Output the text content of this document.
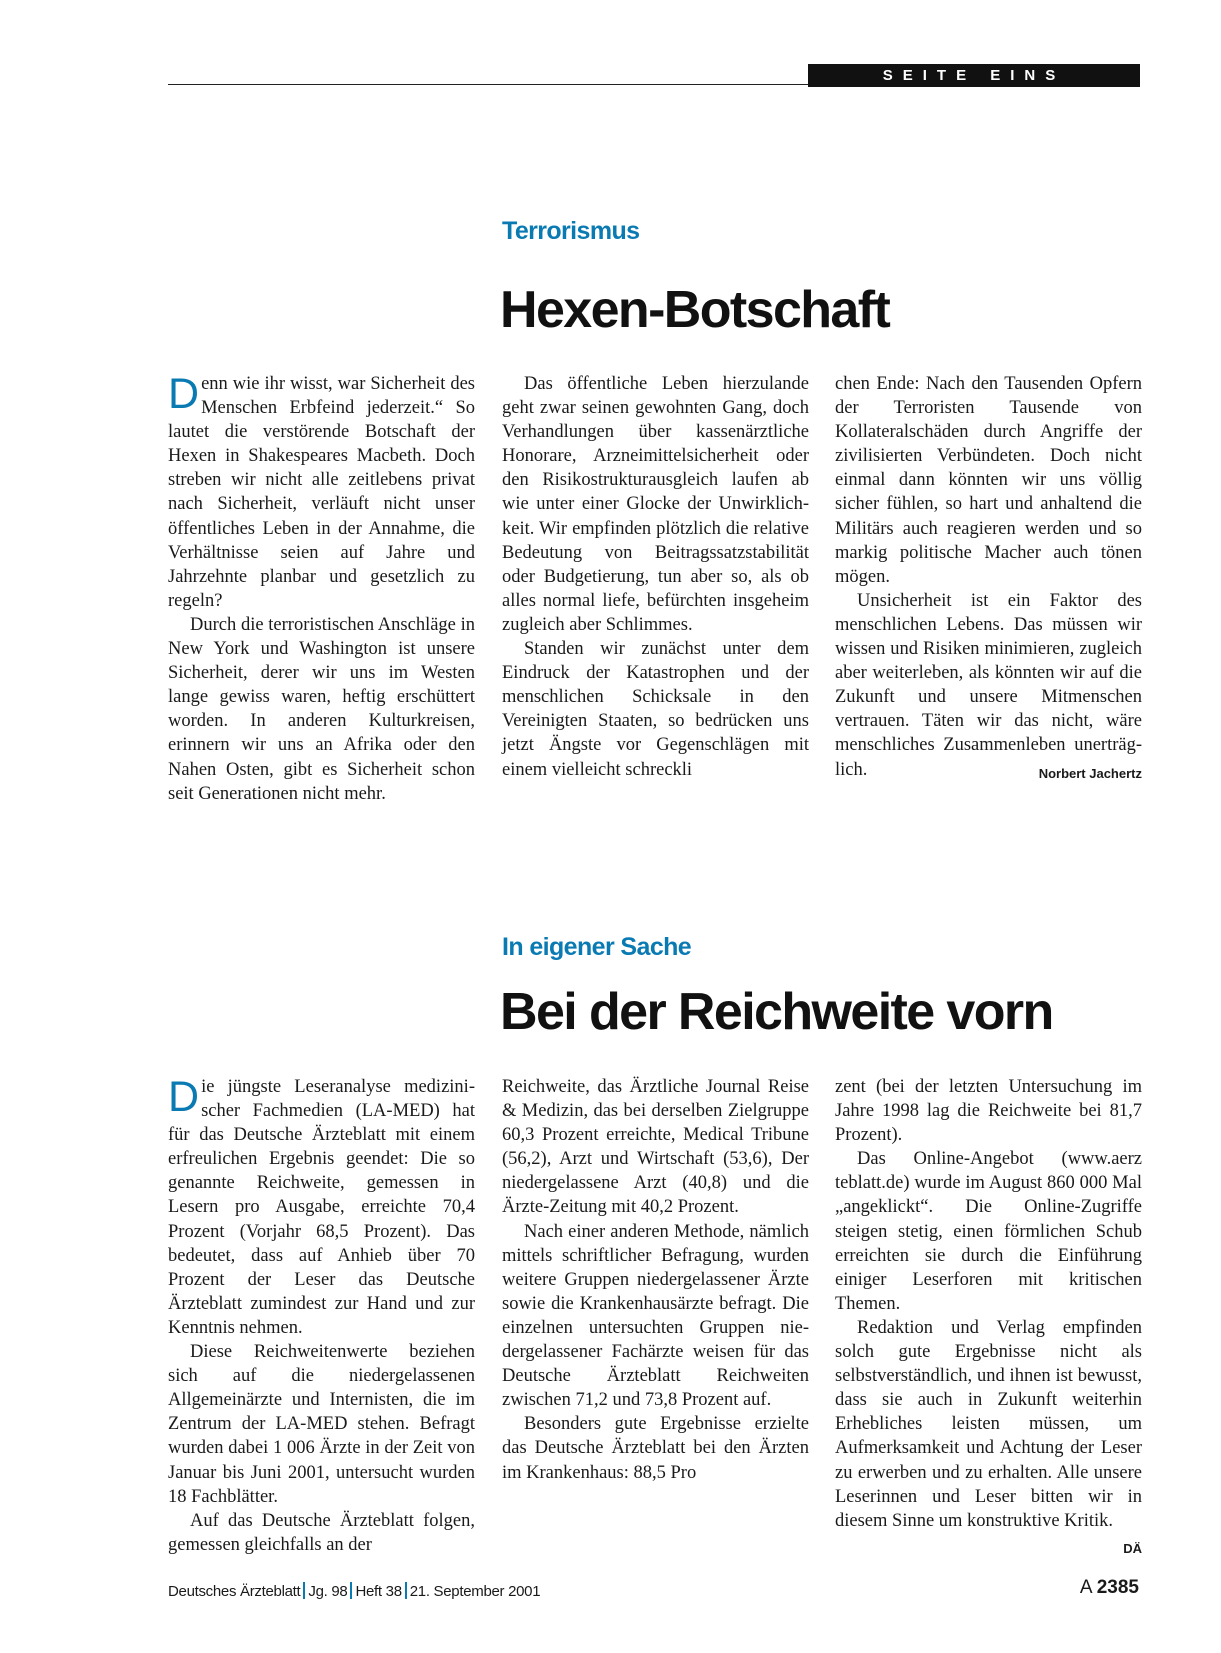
SEITE EINS
Terrorismus
Hexen-Botschaft

Denn wie ihr wisst, war Sicherheit des Menschen Erbfeind jederzeit.“ So lautet die verstörende Botschaft der Hexen in Shakespeares Macbeth. Doch streben wir nicht alle zeitlebens privat nach Sicherheit, verläuft nicht unser öffentliches Leben in der Annahme, die Verhältnisse seien auf Jahre und Jahrzehnte planbar und gesetzlich zu regeln?

Durch die terroristischen Anschläge in New York und Washington ist unsere Sicherheit, derer wir uns im Westen lange gewiss waren, heftig erschüttert worden. In anderen Kulturkreisen, erinnern wir uns an Afrika oder den Nahen Osten, gibt es Sicherheit schon seit Generationen nicht mehr.

Das öffentliche Leben hierzulande geht zwar seinen gewohnten Gang, doch Verhandlungen über kassenärztliche Honorare, Arzneimittelsicherheit oder den Risikostrukturausgleich laufen ab wie unter einer Glocke der Unwirklichkeit. Wir empfinden plötzlich die relative Bedeutung von Beitragssatzstabilität oder Budgetierung, tun aber so, als ob alles normal liefe, befürchten insgeheim zugleich aber Schlimmes.

Standen wir zunächst unter dem Eindruck der Katastrophen und der menschlichen Schicksale in den Vereinigten Staaten, so bedrücken uns jetzt Ängste vor Gegenschlägen mit einem vielleicht schreckli

chen Ende: Nach den Tausenden Opfern der Terroristen Tausende von Kollateralschäden durch Angriffe der zivilisierten Verbündeten. Doch nicht einmal dann könnten wir uns völlig sicher fühlen, so hart und anhaltend die Militärs auch reagieren werden und so markig politische Macher auch tönen mögen.

Unsicherheit ist ein Faktor des menschlichen Lebens. Das müssen wir wissen und Risiken minimieren, zugleich aber weiterleben, als könnten wir auf die Zukunft und unsere Mitmenschen vertrauen. Täten wir das nicht, wäre menschliches Zusammenleben unerträglich.	Norbert Jachertz

In eigener Sache
Bei der Reichweite vorn

Die jüngste Leseranalyse medizinischer Fachmedien (LA-MED) hat für das Deutsche Ärzteblatt mit einem erfreulichen Ergebnis geendet: Die so genannte Reichweite, gemessen in Lesern pro Ausgabe, erreichte 70,4 Prozent (Vorjahr 68,5 Prozent). Das bedeutet, dass auf Anhieb über 70 Prozent der Leser das Deutsche Ärzteblatt zumindest zur Hand und zur Kenntnis nehmen.

Diese Reichweitenwerte beziehen sich auf die niedergelassenen Allgemeinärzte und Internisten, die im Zentrum der LA-MED stehen. Befragt wurden dabei 1 006 Ärzte in der Zeit von Januar bis Juni 2001, untersucht wurden 18 Fachblätter.

Auf das Deutsche Ärzteblatt folgen, gemessen gleichfalls an der

Reichweite, das Ärztliche Journal Reise & Medizin, das bei derselben Zielgruppe 60,3 Prozent erreichte, Medical Tribune (56,2), Arzt und Wirtschaft (53,6), Der niedergelassene Arzt (40,8) und die Ärzte-Zeitung mit 40,2 Prozent.

Nach einer anderen Methode, nämlich mittels schriftlicher Befragung, wurden weitere Gruppen niedergelassener Ärzte sowie die Krankenhausärzte befragt. Die einzelnen untersuchten Gruppen niedergelassener Fachärzte weisen für das Deutsche Ärzteblatt Reichweiten zwischen 71,2 und 73,8 Prozent auf.

Besonders gute Ergebnisse erzielte das Deutsche Ärzteblatt bei den Ärzten im Krankenhaus: 88,5 Pro

zent (bei der letzten Untersuchung im Jahre 1998 lag die Reichweite bei 81,7 Prozent).

Das Online-Angebot (www.aerz teblatt.de) wurde im August 860 000 Mal „angeklickt“. Die Online-Zugriffe steigen stetig, einen förmlichen Schub erreichten sie durch die Einführung einiger Leserforen mit kritischen Themen.

Redaktion und Verlag empfinden solch gute Ergebnisse nicht als selbstverständlich, und ihnen ist bewusst, dass sie auch in Zukunft weiterhin Erhebliches leisten müssen, um Aufmerksamkeit und Achtung der Leser zu erwerben und zu erhalten. Alle unsere Leserinnen und Leser bitten wir in diesem Sinne um konstruktive Kritik.
DÄ

Deutsches Ärzteblatt Jg. 98 Heft 38 21. September 2001	A 2385
